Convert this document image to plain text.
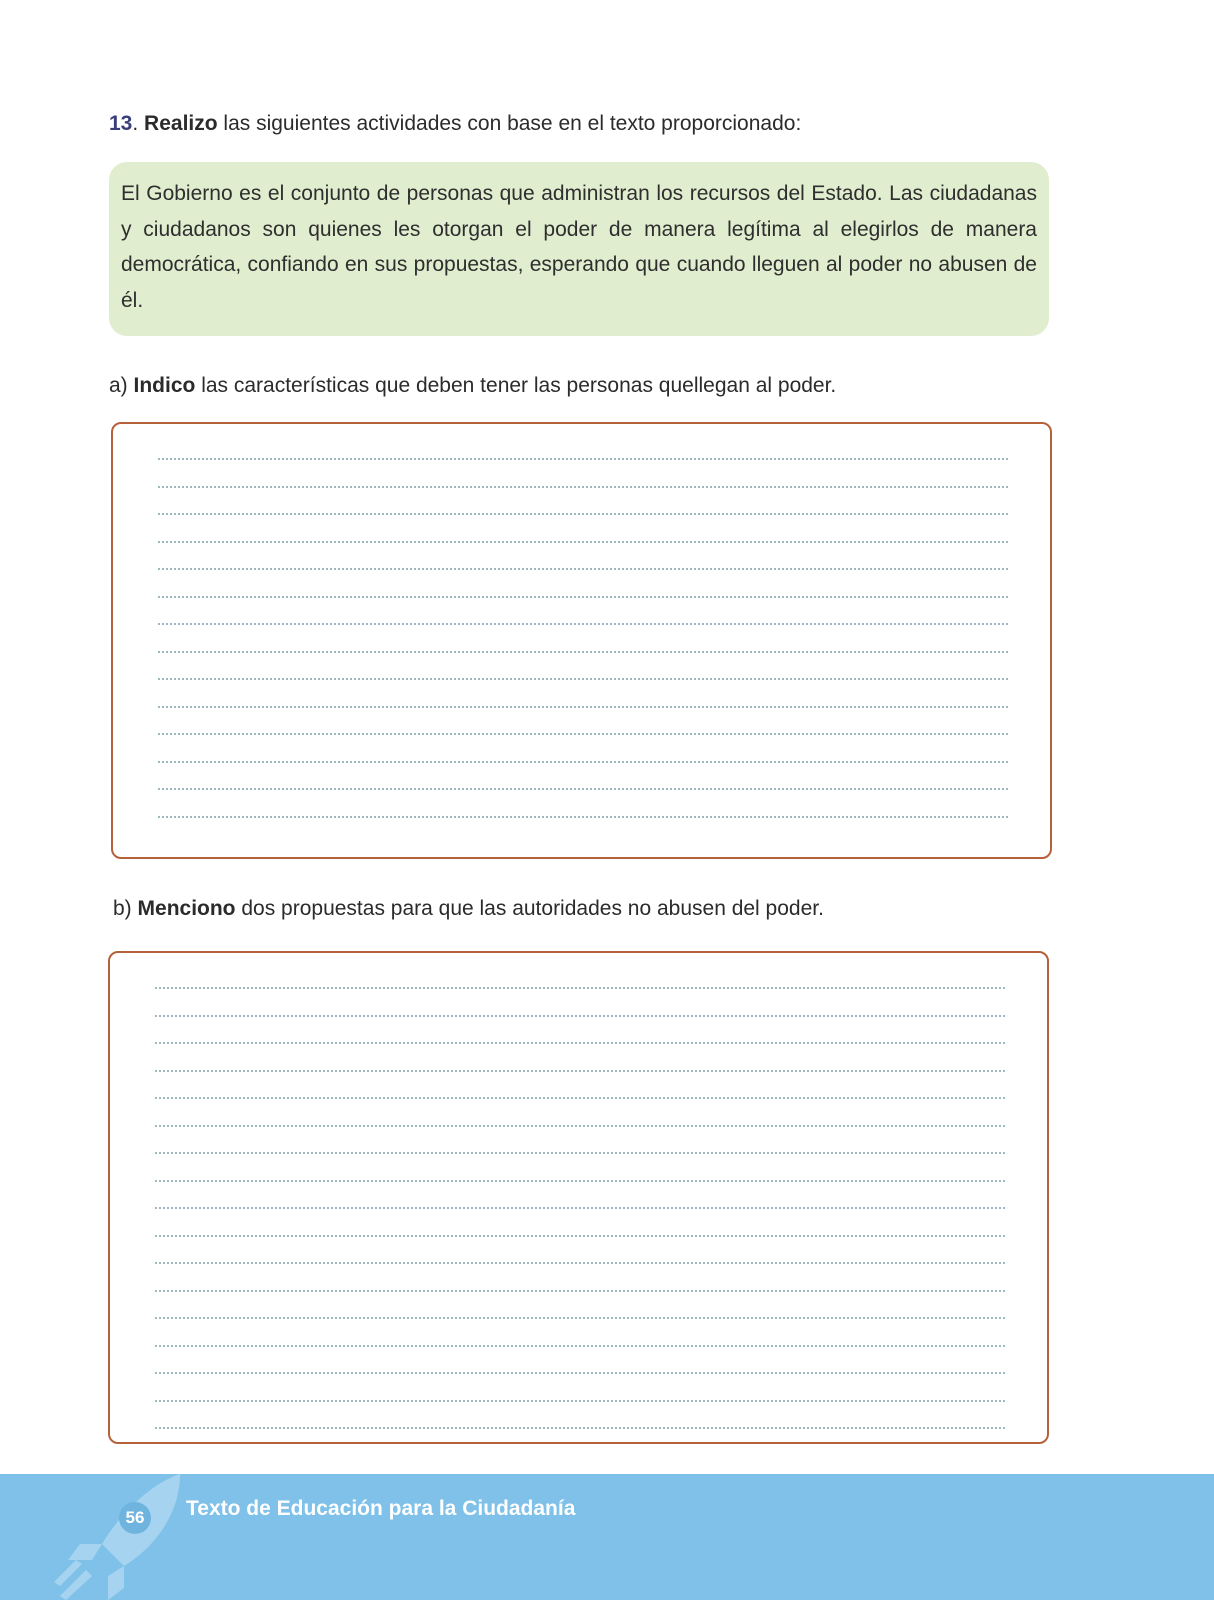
13. Realizo las siguientes actividades con base en el texto proporcionado:
El Gobierno es el conjunto de personas que administran los recursos del Estado. Las ciudadanas y ciudadanos son quienes les otorgan el poder de manera legítima al elegirlos de manera democrática, confiando en sus propuestas, esperando que cuando lleguen al poder no abusen de él.
a) Indico las características que deben tener las personas quellegan al poder.
b) Menciono dos propuestas para que las autoridades no abusen del poder.
56	Texto de Educación para la Ciudadanía
